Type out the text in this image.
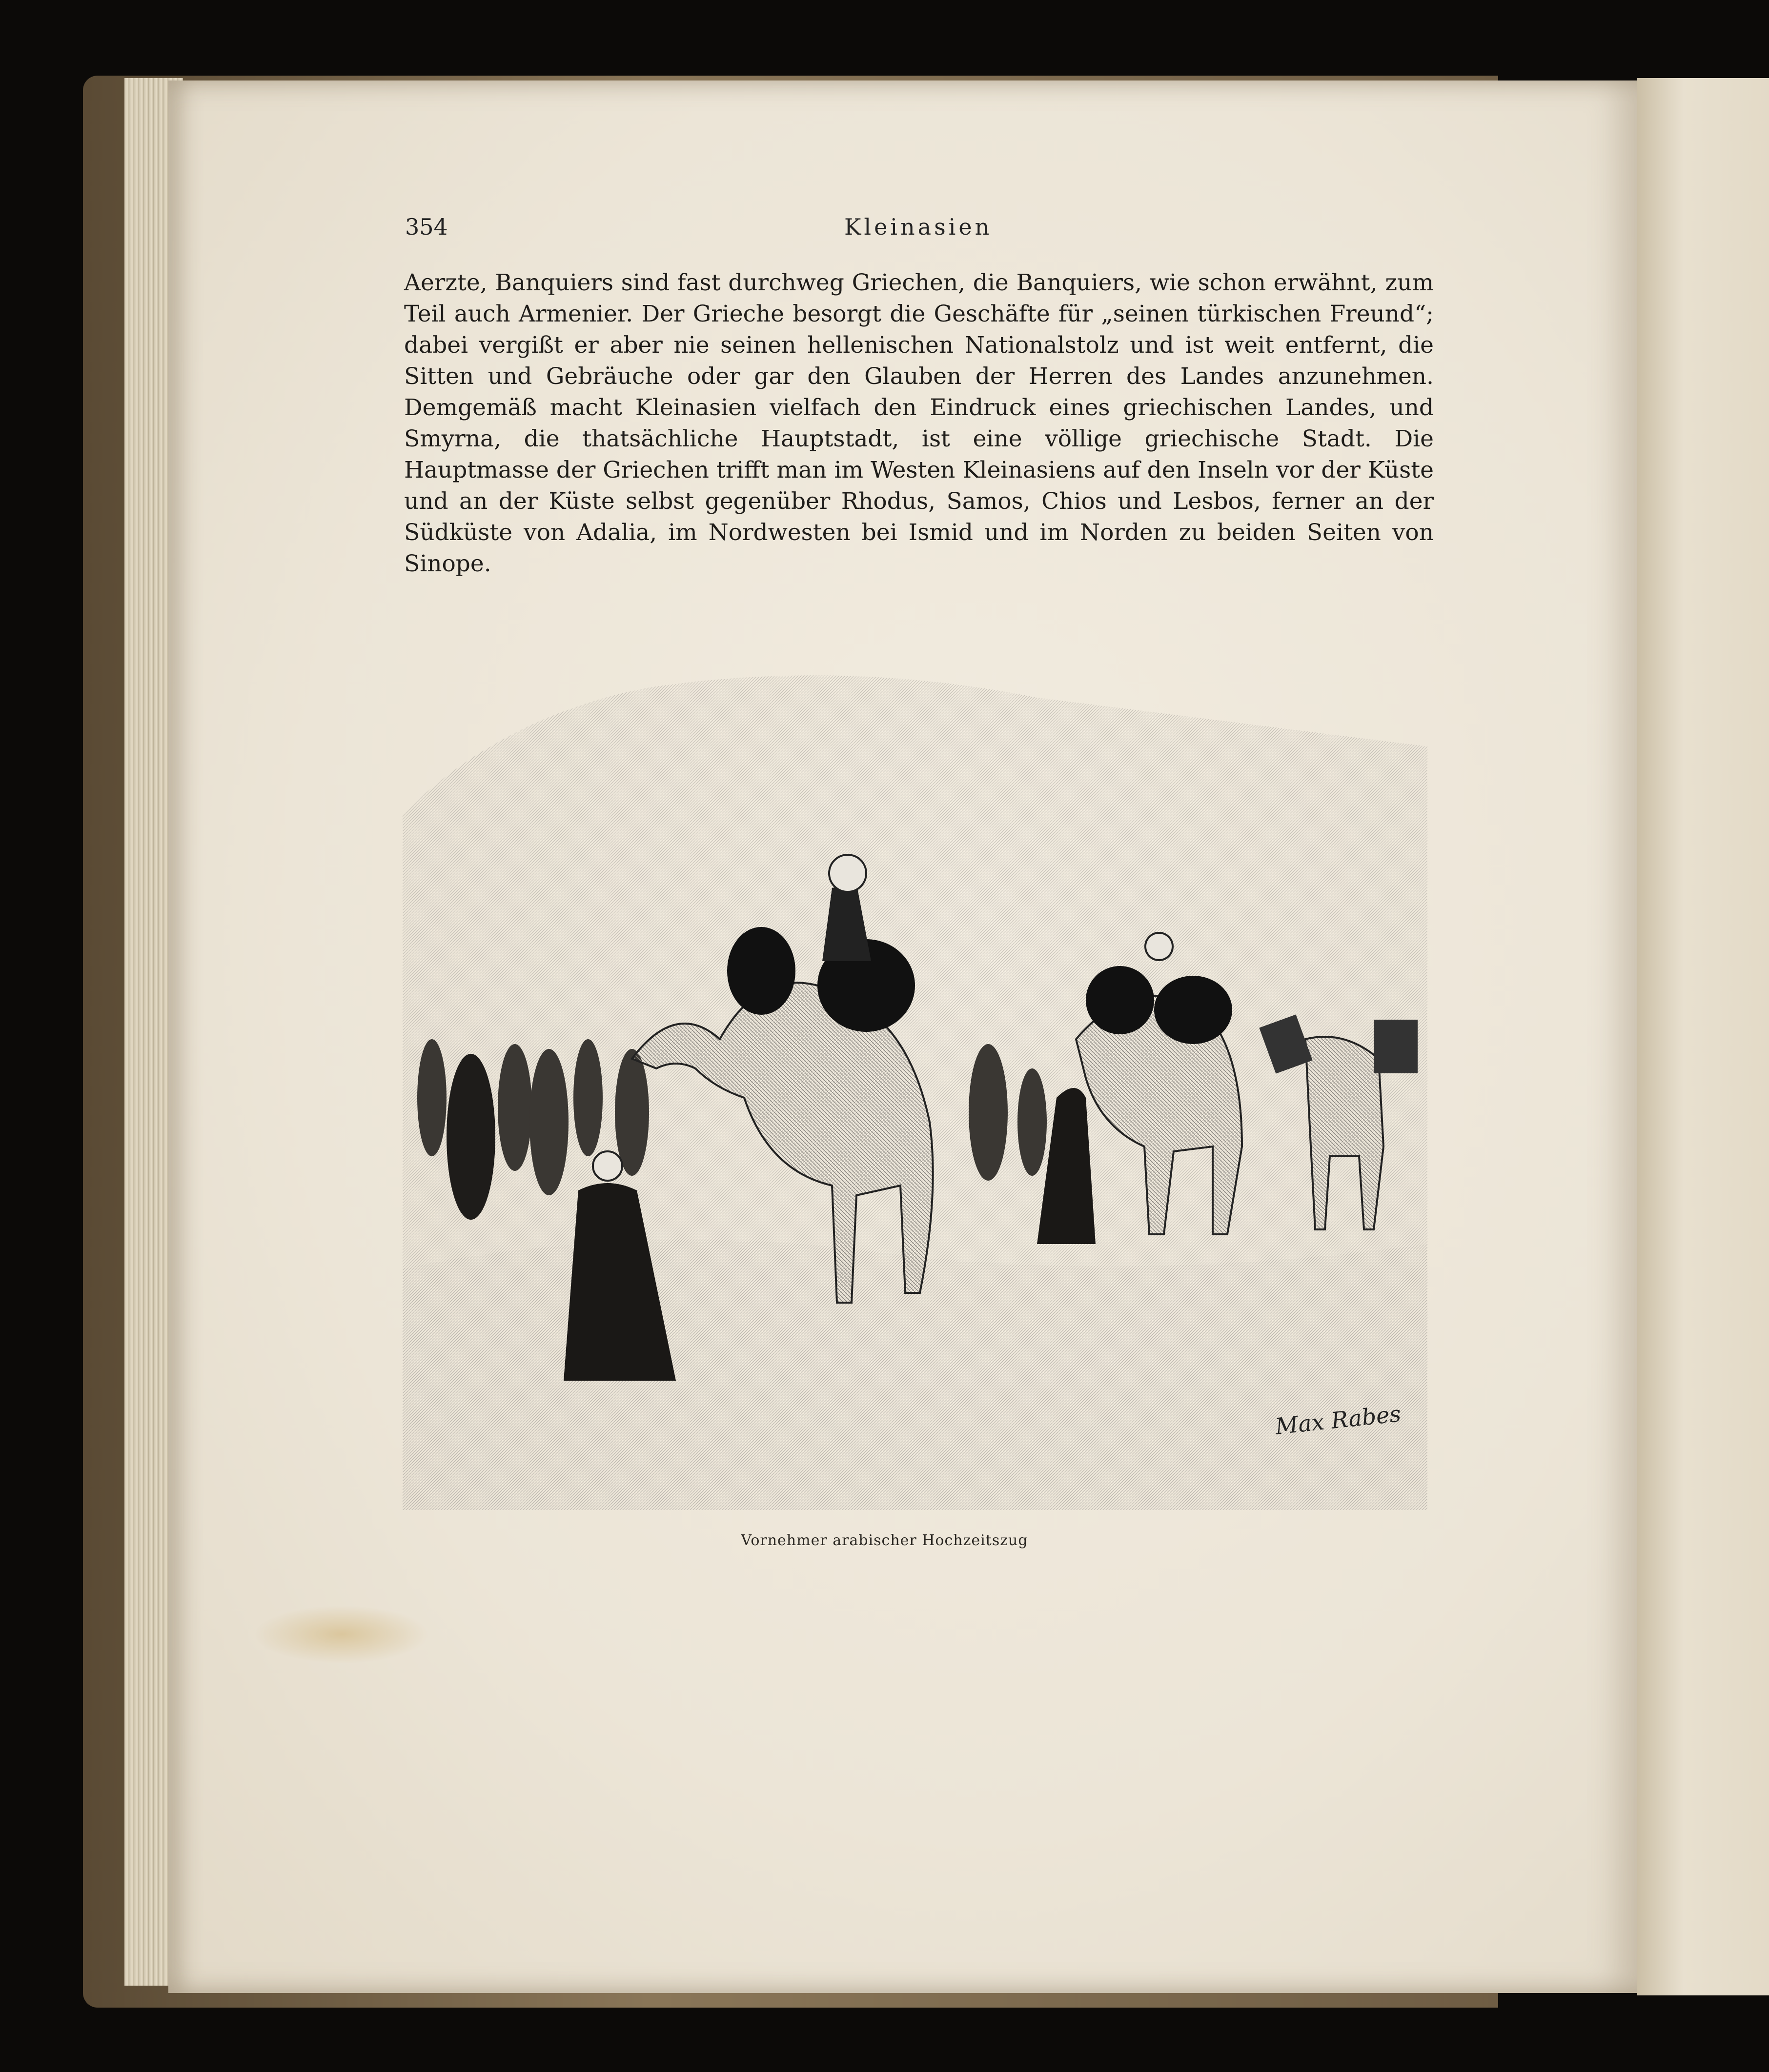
354	Kleinasien
Aerzte, Banquiers sind fast durchweg Griechen, die Banquiers, wie schon erwähnt, zum Teil auch Armenier. Der Grieche besorgt die Geschäfte für „seinen türkischen Freund“; dabei vergißt er aber nie seinen hellenischen Nationalstolz und ist weit entfernt, die Sitten und Gebräuche oder gar den Glauben der Herren des Landes anzunehmen. Demgemäß macht Kleinasien vielfach den Eindruck eines griechischen Landes, und Smyrna, die thatsächliche Hauptstadt, ist eine völlige griechische Stadt. Die Hauptmasse der Griechen trifft man im Westen Kleinasiens auf den Inseln vor der Küste und an der Küste selbst gegenüber Rhodus, Samos, Chios und Lesbos, ferner an der Südküste von Adalia, im Nordwesten bei Ismid und im Norden zu beiden Seiten von Sinope.
Max Rabes
Vornehmer arabischer Hochzeitszug
